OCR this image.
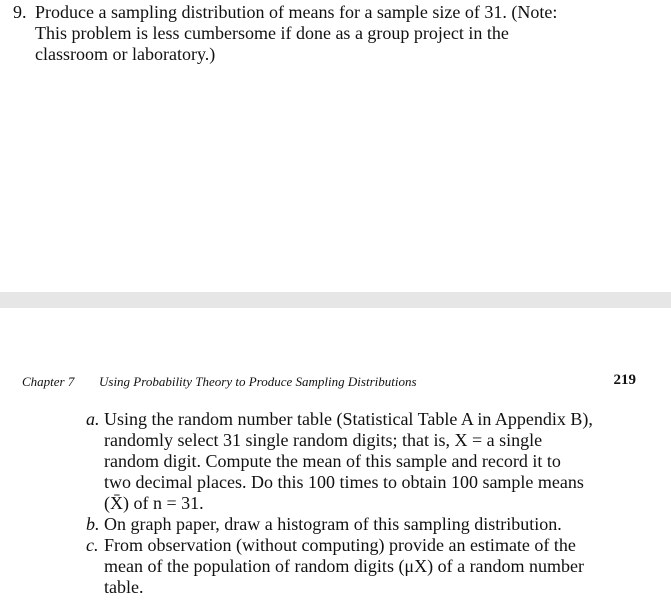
9. Produce a sampling distribution of means for a sample size of 31. (Note:
This problem is less cumbersome if done as a group project in the
classroom or laboratory.)
Chapter 7 Using Probability Theory to Produce Sampling Distributions	219
a. Using the random number table (Statistical Table A in Appendix B),
randomly select 31 single random digits; that is, X = a single
random digit. Compute the mean of this sample and record it to
two decimal places. Do this 100 times to obtain 100 sample means
(X̄) of n = 31.
b. On graph paper, draw a histogram of this sampling distribution.
c. From observation (without computing) provide an estimate of the
mean of the population of random digits (μX) of a random number
table.
